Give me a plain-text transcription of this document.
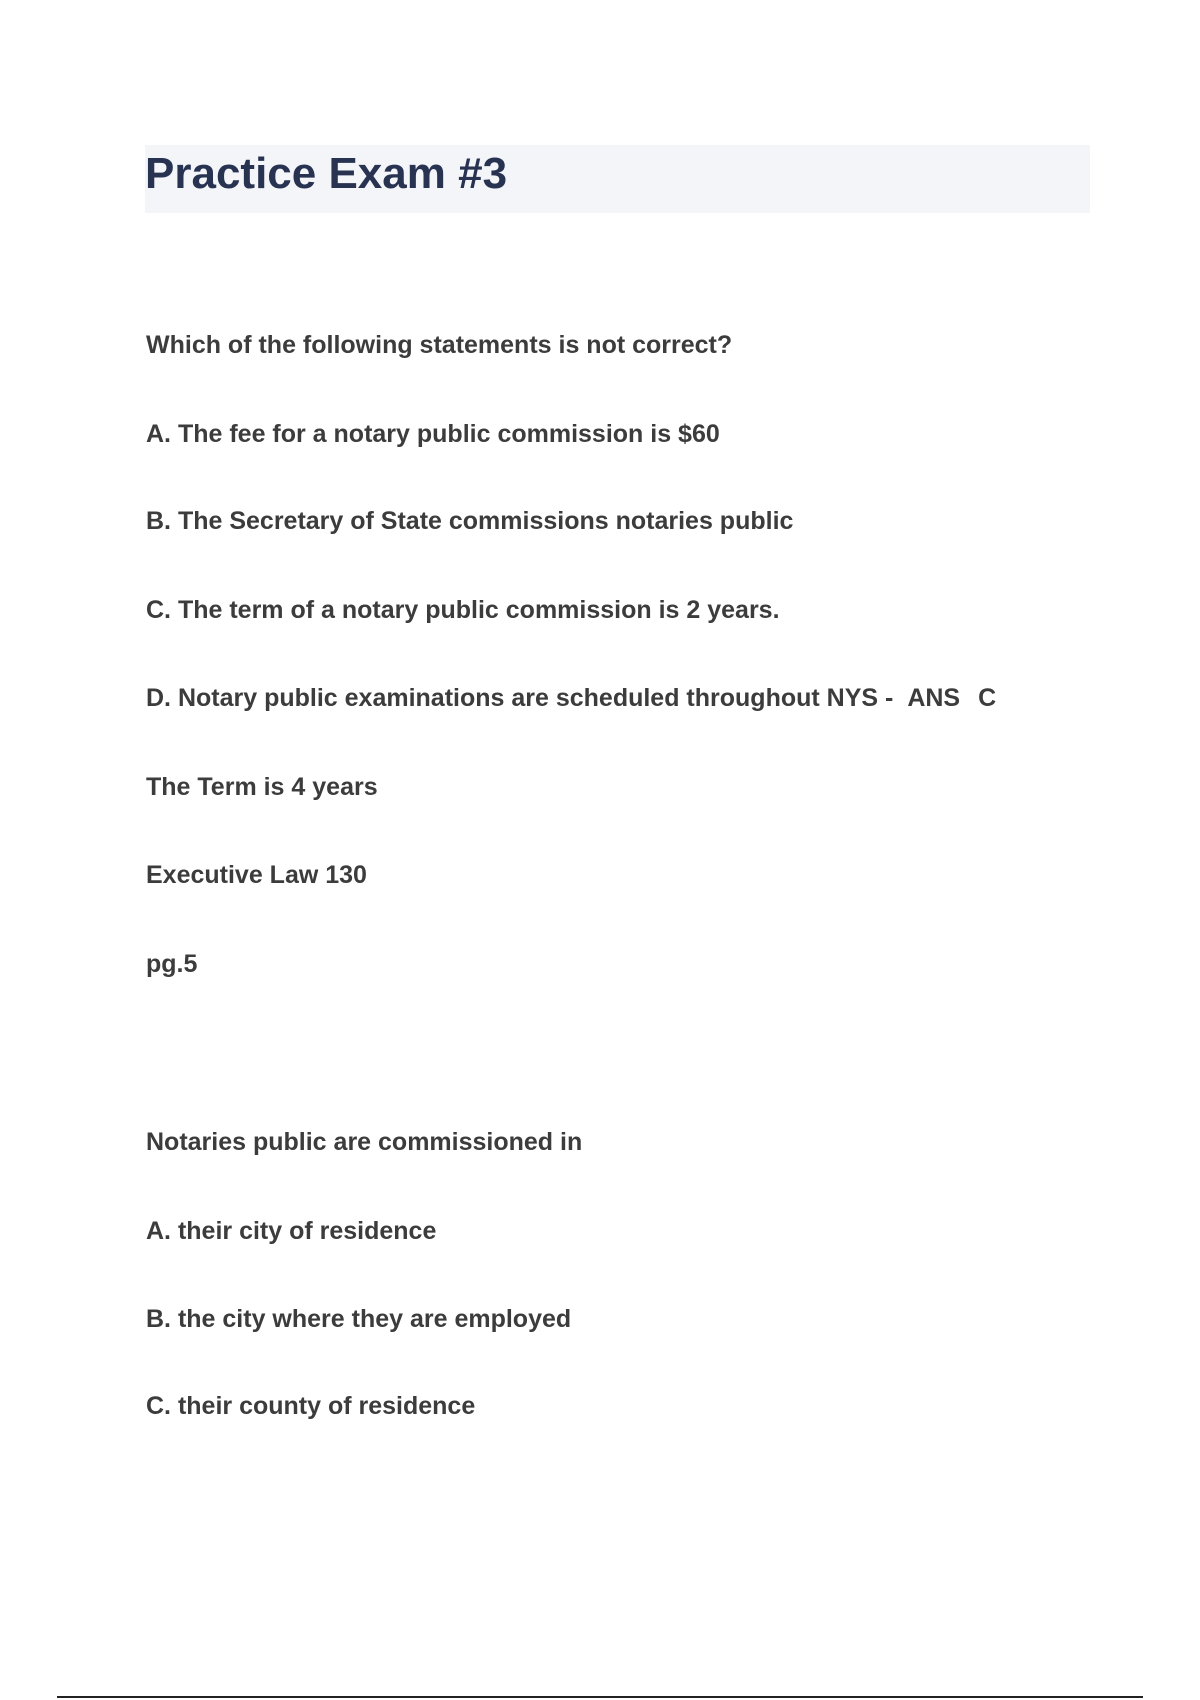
Practice Exam #3

Which of the following statements is not correct?

A. The fee for a notary public commission is $60

B. The Secretary of State commissions notaries public

C. The term of a notary public commission is 2 years.

D. Notary public examinations are scheduled throughout NYS - ANS C

The Term is 4 years

Executive Law 130

pg.5

Notaries public are commissioned in

A. their city of residence

B. the city where they are employed

C. their county of residence
